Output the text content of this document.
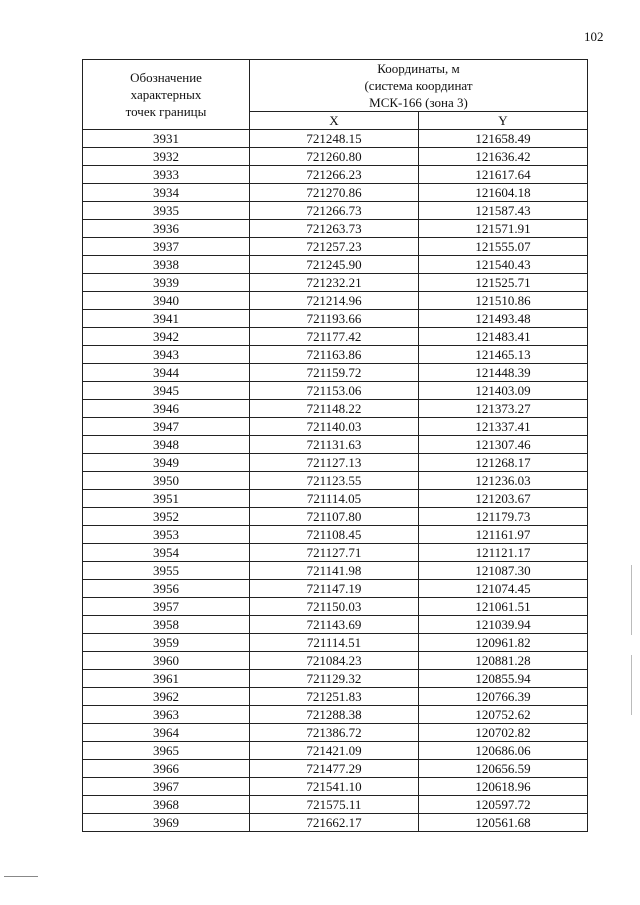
102
Обозначение
характерных
точек границы	Координаты, м
(система координат
МСК-166 (зона 3)	

	X	Y
3931	721248.15	121658.49
3932	721260.80	121636.42
3933	721266.23	121617.64
3934	721270.86	121604.18
3935	721266.73	121587.43
3936	721263.73	121571.91
3937	721257.23	121555.07
3938	721245.90	121540.43
3939	721232.21	121525.71
3940	721214.96	121510.86
3941	721193.66	121493.48
3942	721177.42	121483.41
3943	721163.86	121465.13
3944	721159.72	121448.39
3945	721153.06	121403.09
3946	721148.22	121373.27
3947	721140.03	121337.41
3948	721131.63	121307.46
3949	721127.13	121268.17
3950	721123.55	121236.03
3951	721114.05	121203.67
3952	721107.80	121179.73
3953	721108.45	121161.97
3954	721127.71	121121.17
3955	721141.98	121087.30
3956	721147.19	121074.45
3957	721150.03	121061.51
3958	721143.69	121039.94
3959	721114.51	120961.82
3960	721084.23	120881.28
3961	721129.32	120855.94
3962	721251.83	120766.39
3963	721288.38	120752.62
3964	721386.72	120702.82
3965	721421.09	120686.06
3966	721477.29	120656.59
3967	721541.10	120618.96
3968	721575.11	120597.72
3969	721662.17	120561.68
